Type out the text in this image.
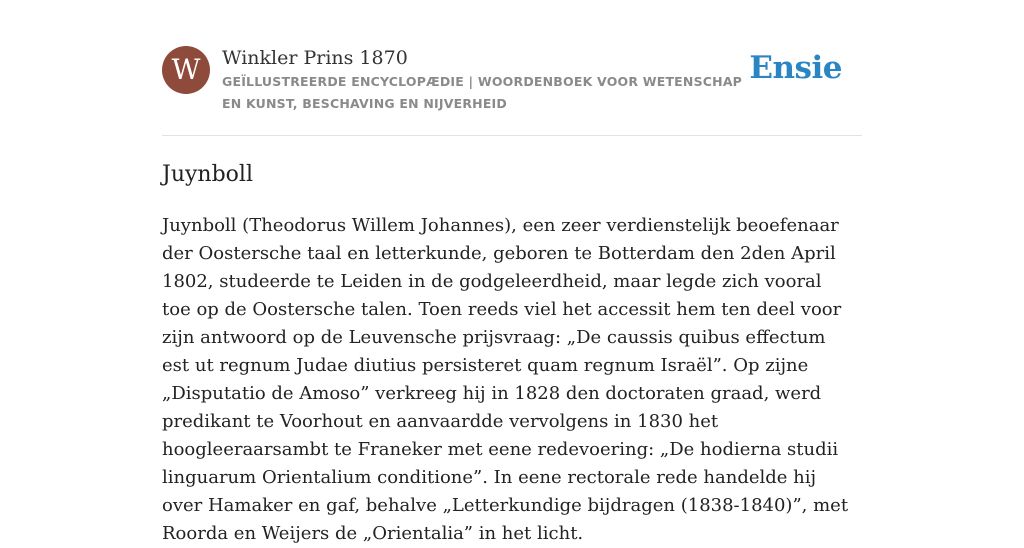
W	Winkler Prins 1870

GEÏLLUSTREERDE ENCYCLOPÆDIE | WOORDENBOEK VOOR WETENSCHAP EN KUNST, BESCHAVING EN NIJVERHEID

Ensie
Juynboll

Juynboll (Theodorus Willem Johannes), een zeer verdienstelijk beoefenaar der Oostersche taal en letterkunde, geboren te Botterdam den 2den April 1802, studeerde te Leiden in de godgeleerdheid, maar legde zich vooral toe op de Oostersche talen. Toen reeds viel het accessit hem ten deel voor zijn antwoord op de Leuvensche prijsvraag: „De caussis quibus effectum est ut regnum Judae diutius persisteret quam regnum Israël”. Op zijne „Disputatio de Amoso” verkreeg hij in 1828 den doctoraten graad, werd predikant te Voorhout en aanvaardde vervolgens in 1830 het hoogleeraarsambt te Franeker met eene redevoering: „De hodierna studii linguarum Orientalium conditione”. In eene rectorale rede handelde hij over Hamaker en gaf, behalve „Letterkundige bijdragen (1838-1840)”, met Roorda en Weijers de „Orientalia” in het licht.
